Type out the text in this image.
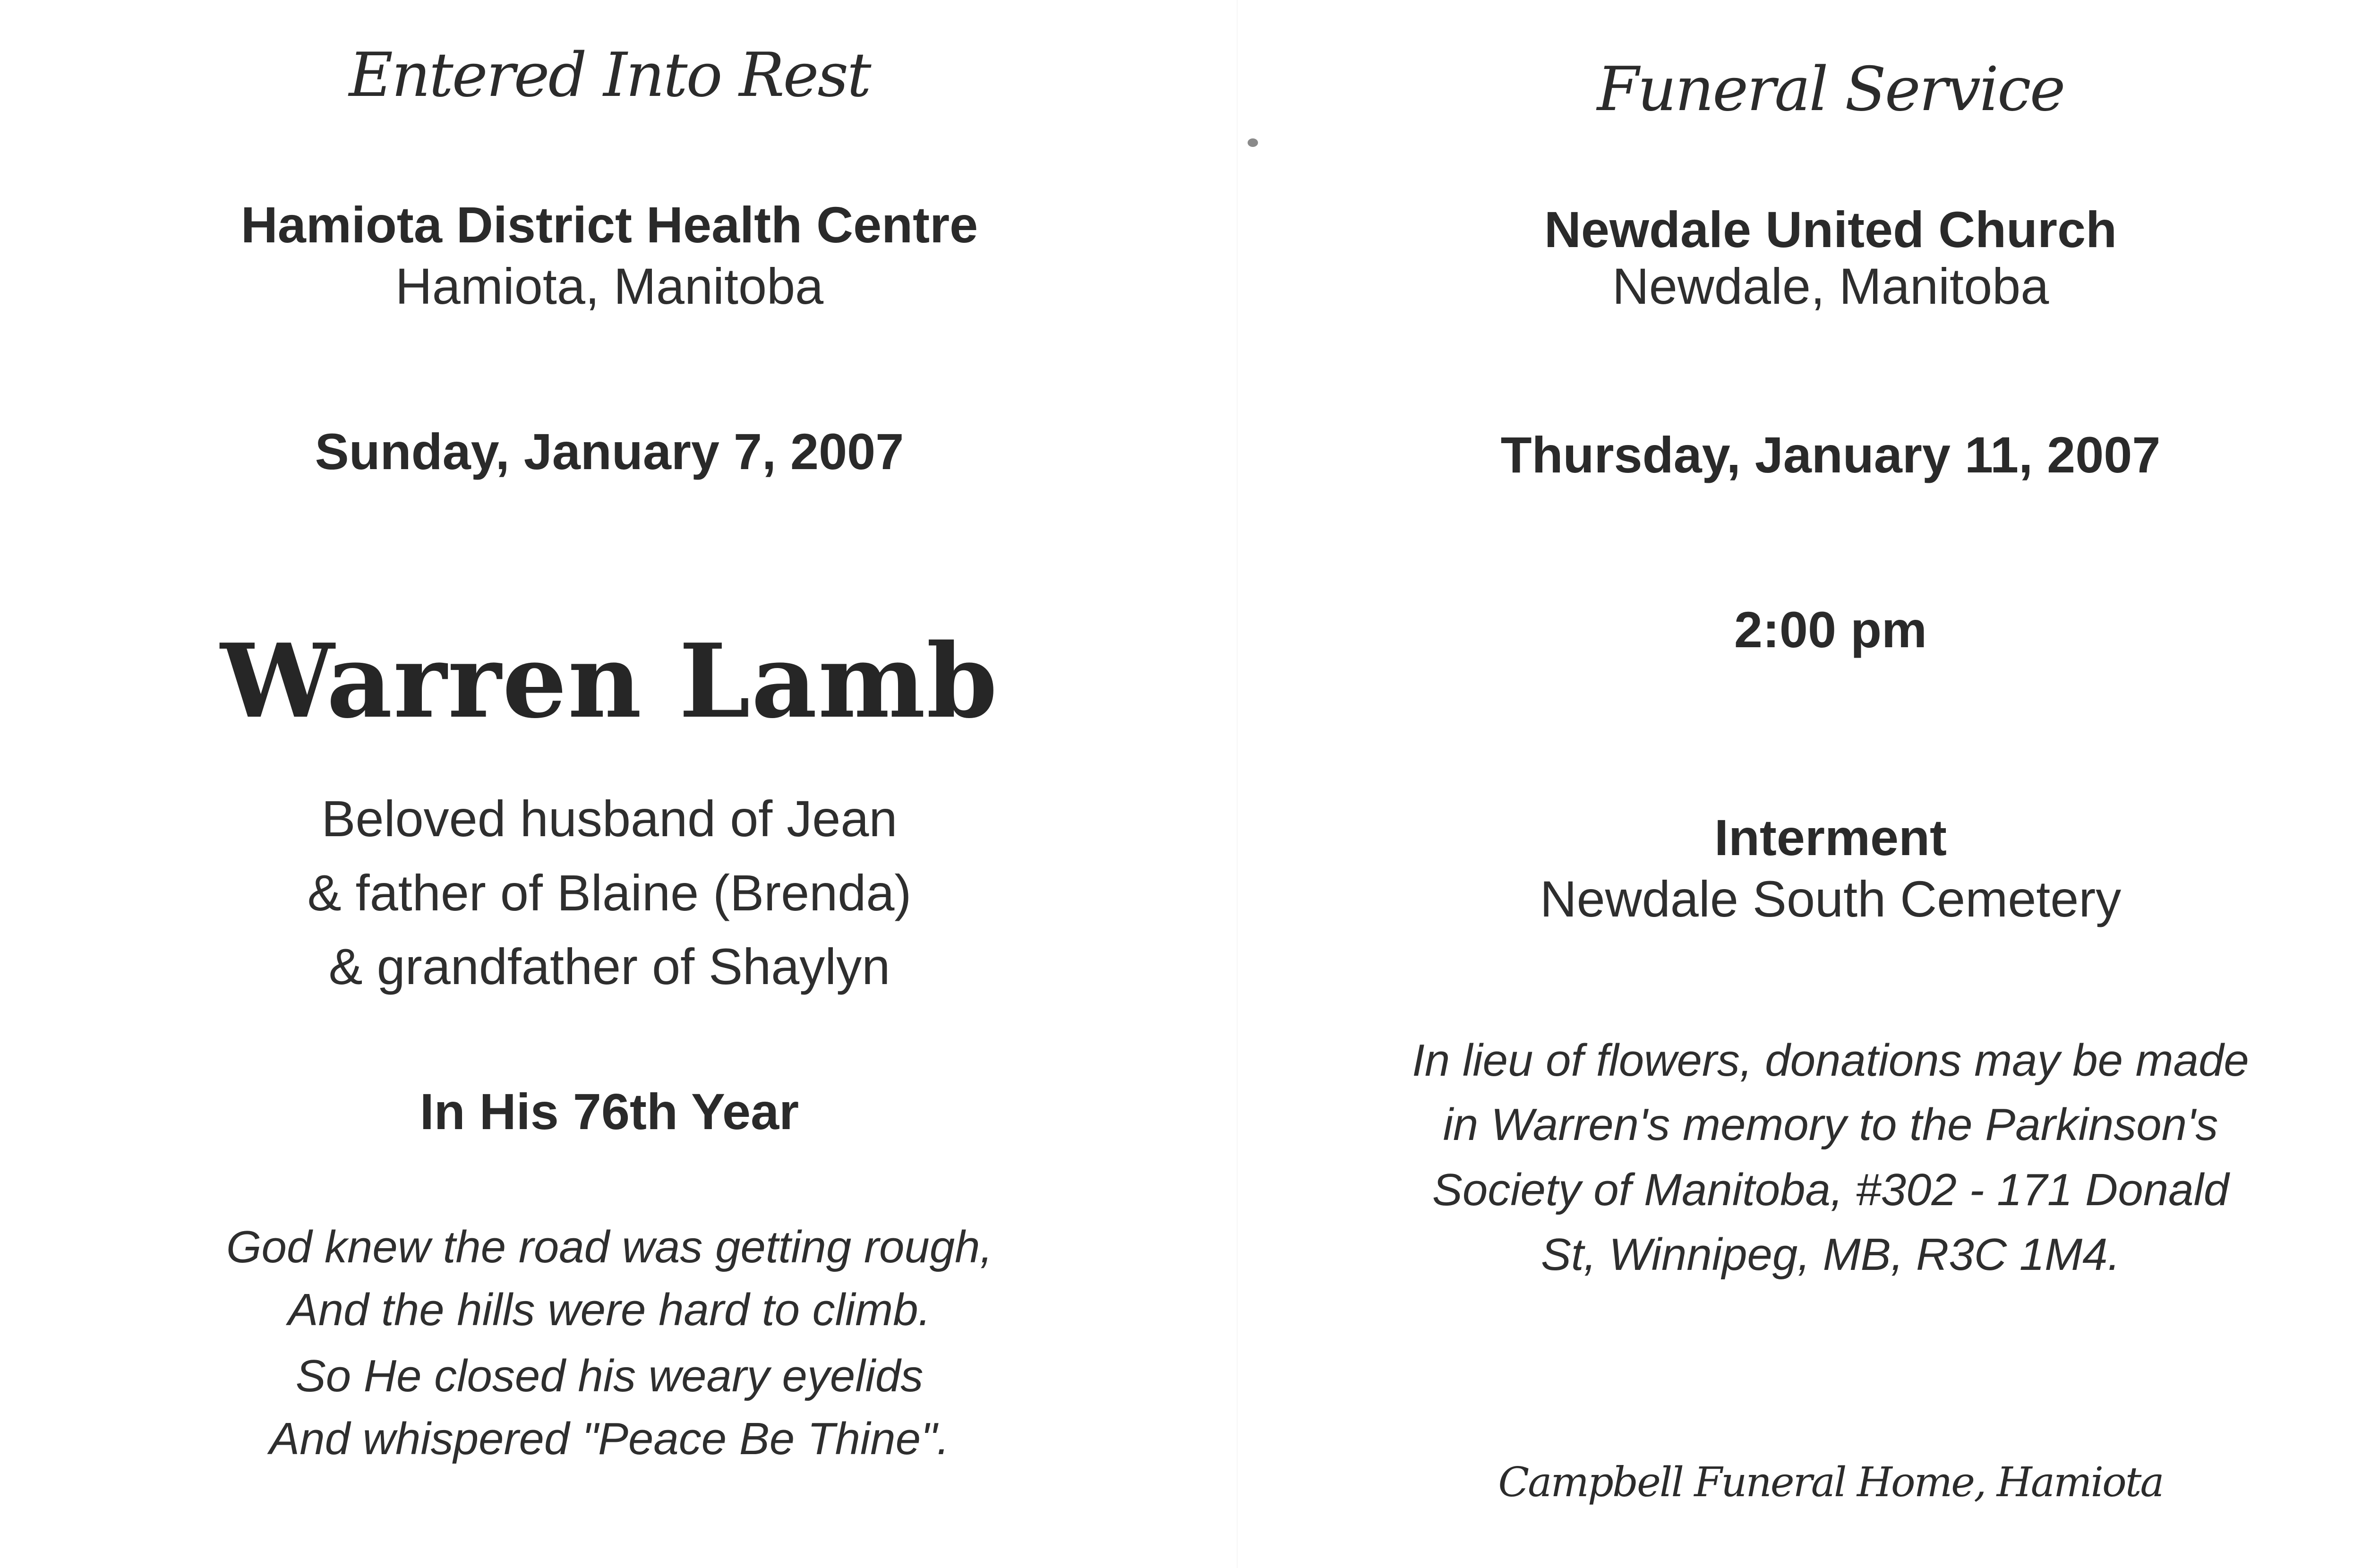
Entered Into Rest

Hamiota District Health Centre

Hamiota, Manitoba

Sunday, January 7, 2007

Warren Lamb

Beloved husband of Jean

& father of Blaine (Brenda)

& grandfather of Shaylyn

In His 76th Year

God knew the road was getting rough,

And the hills were hard to climb.

So He closed his weary eyelids

And whispered "Peace Be Thine".

Funeral Service

Newdale United Church

Newdale, Manitoba

Thursday, January 11, 2007

2:00 pm

Interment

Newdale South Cemetery

In lieu of flowers, donations may be made

in Warren's memory to the Parkinson's

Society of Manitoba, #302 - 171 Donald

St, Winnipeg, MB, R3C 1M4.

Campbell Funeral Home, Hamiota
